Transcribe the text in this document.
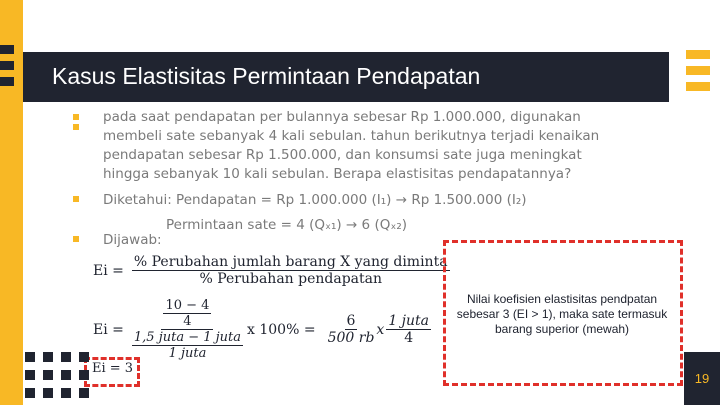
Kasus Elastisitas Permintaan Pendapatan
pada saat pendapatan per bulannya sebesar Rp 1.000.000, digunakan membeli sate sebanyak 4 kali sebulan. tahun berikutnya terjadi kenaikan pendapatan sebesar Rp 1.500.000, dan konsumsi sate juga meningkat hingga sebanyak 10 kali sebulan. Berapa elastisitas pendapatannya?
Diketahui: Pendapatan = Rp 1.000.000 (I₁) → Rp 1.500.000 (I₂)
Permintaan sate = 4 (Qₓ₁) → 6 (Qₓ₂)
Dijawab:
$Ei = \frac{\text{\% Perubahan jumlah barang X yang diminta}}{\text{\% Perubahan pendapatan}}$
$Ei = \frac{\frac{10 - 4}{4}}{\frac{\text{1,5 juta − 1 juta}}{\text{1 juta}}}$ x $100\% = \frac{6}{500 rb}$ x $\frac{\text{1 juta}}{4}$
Ei = 3
Nilai koefisien elastisitas pendpatan sebesar 3 (EI > 1), maka sate termasuk barang superior (mewah)
19
